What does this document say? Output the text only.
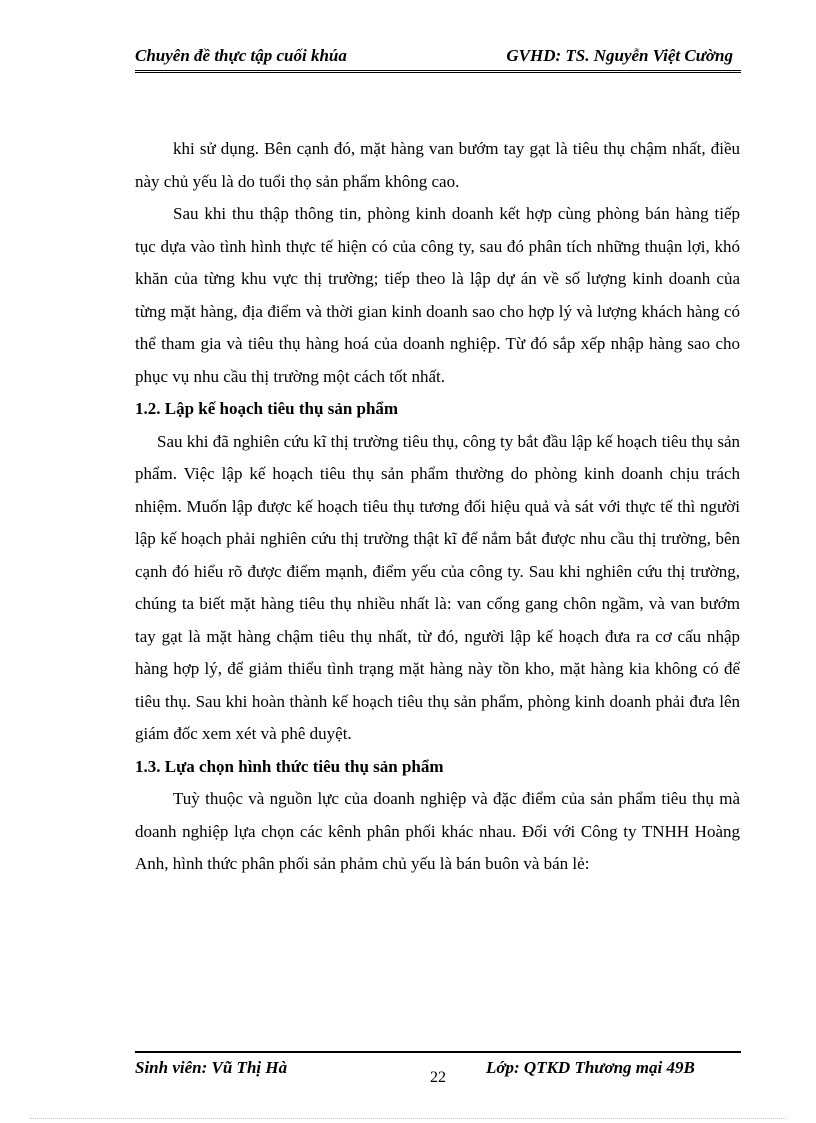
Chuyên đề thực tập cuối khúa	GVHD: TS. Nguyễn Việt Cường

khi sử dụng. Bên cạnh đó, mặt hàng van bướm tay gạt là tiêu thụ chậm nhất, điều này chủ yếu là do tuổi thọ sản phẩm không cao.

Sau khi thu thập thông tin, phòng kinh doanh kết hợp cùng phòng bán hàng tiếp tục dựa vào tình hình thực tế hiện có của công ty, sau đó phân tích những thuận lợi, khó khăn của từng khu vực thị trường; tiếp theo là lập dự án về số lượng kinh doanh của từng mặt hàng, địa điểm và thời gian kinh doanh sao cho hợp lý và lượng khách hàng có thể tham gia và tiêu thụ hàng hoá của doanh nghiệp. Từ đó sắp xếp nhập hàng sao cho phục vụ nhu cầu thị trường một cách tốt nhất.

1.2. Lập kế hoạch tiêu thụ sản phẩm

Sau khi đã nghiên cứu kĩ thị trường tiêu thụ, công ty bắt đầu lập kế hoạch tiêu thụ sản phẩm. Việc lập kế hoạch tiêu thụ sản phẩm thường do phòng kinh doanh chịu trách nhiệm. Muốn lập được kế hoạch tiêu thụ tương đối hiệu quả và sát với thực tế thì người lập kế hoạch phải nghiên cứu thị trường thật kĩ để nắm bắt được nhu cầu thị trường, bên cạnh đó hiểu rõ được điểm mạnh, điểm yếu của công ty. Sau khi nghiên cứu thị trường, chúng ta biết mặt hàng tiêu thụ nhiều nhất là: van cổng gang chôn ngầm, và van bướm tay gạt là mặt hàng chậm tiêu thụ nhất, từ đó, người lập kế hoạch đưa ra cơ cấu nhập hàng hợp lý, để giảm thiểu tình trạng mặt hàng này tồn kho, mặt hàng kia không có để tiêu thụ. Sau khi hoàn thành kế hoạch tiêu thụ sản phẩm, phòng kinh doanh phải đưa lên giám đốc xem xét và phê duyệt.

1.3. Lựa chọn hình thức tiêu thụ sản phẩm

Tuỳ thuộc và nguồn lực của doanh nghiệp và đặc điểm của sản phẩm tiêu thụ mà doanh nghiệp lựa chọn các kênh phân phối khác nhau. Đối với Công ty TNHH Hoàng Anh, hình thức phân phối sản phảm chủ yếu là bán buôn và bán lẻ:

Sinh viên: Vũ Thị Hà	Lớp: QTKD Thương mại 49B
22
